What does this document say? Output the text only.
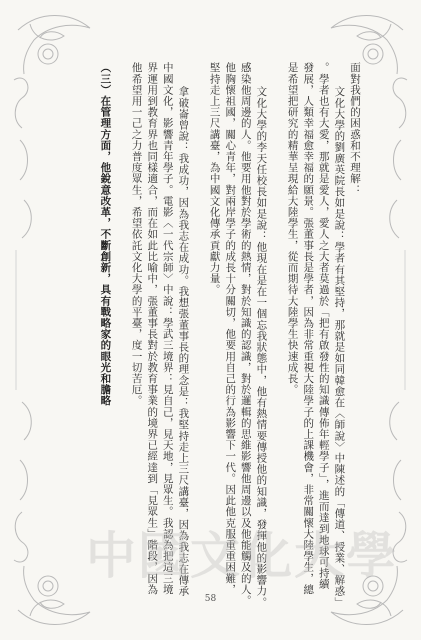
面對我們的困惑和不理解：
文化大學的劉廣英院長如是說：學者有其堅持，那就是如同韓愈在〈師說〉中陳述的「傳道、授業、解惑」
。學者也有大愛，那就是愛人，愛人之大者莫過於「把有啟發性的知識傳佈年輕學子」，進而達到地球可持續
發展，人類幸福愈幸福的願景。張董事長是學者，因為非常重視大陸學子的上課機會，非常關懷大陸學生，總
是希望把研究的精華呈現給大陸學生，從而期待大陸學生快速成長。
文化大學的李天任校長如是說：他現在是在一個忘我狀態中，他有熱情要傳授他的知識，發揮他的影響力。
感染他周邊的人。他要用他對於學術的熱情，對於知識的認識，對於邏輯的思維影響他周邊以及他能觸及的人。
他胸懷祖國，關心青年，對兩岸學子的成長十分關切，他要用自己的行為影響下一代。因此他克服重重困難，
堅持走上三尺講臺，為中國文化傳承貢獻力量。
拿破崙曾說：我成功，因為我志在成功。我想張董事長的理念是：我堅持走上三尺講臺，因為我志在傳承
中國文化，影響青年學子。電影〈一代宗師〉中說：學武三境界：見自己，見天地，見眾生。我認為把這三境
界運用到教育界也同樣適合，而在如此比喻中，張董事長對於教育事業的境界已經達到「見眾生」階段，因為
他希望用一己之力普度眾生，希望依託文化大學的平臺，度一切苦厄。
（三）在管理方面，他銳意改革，不斷創新，具有戰略家的眼光和膽略
中國文化大學
58
